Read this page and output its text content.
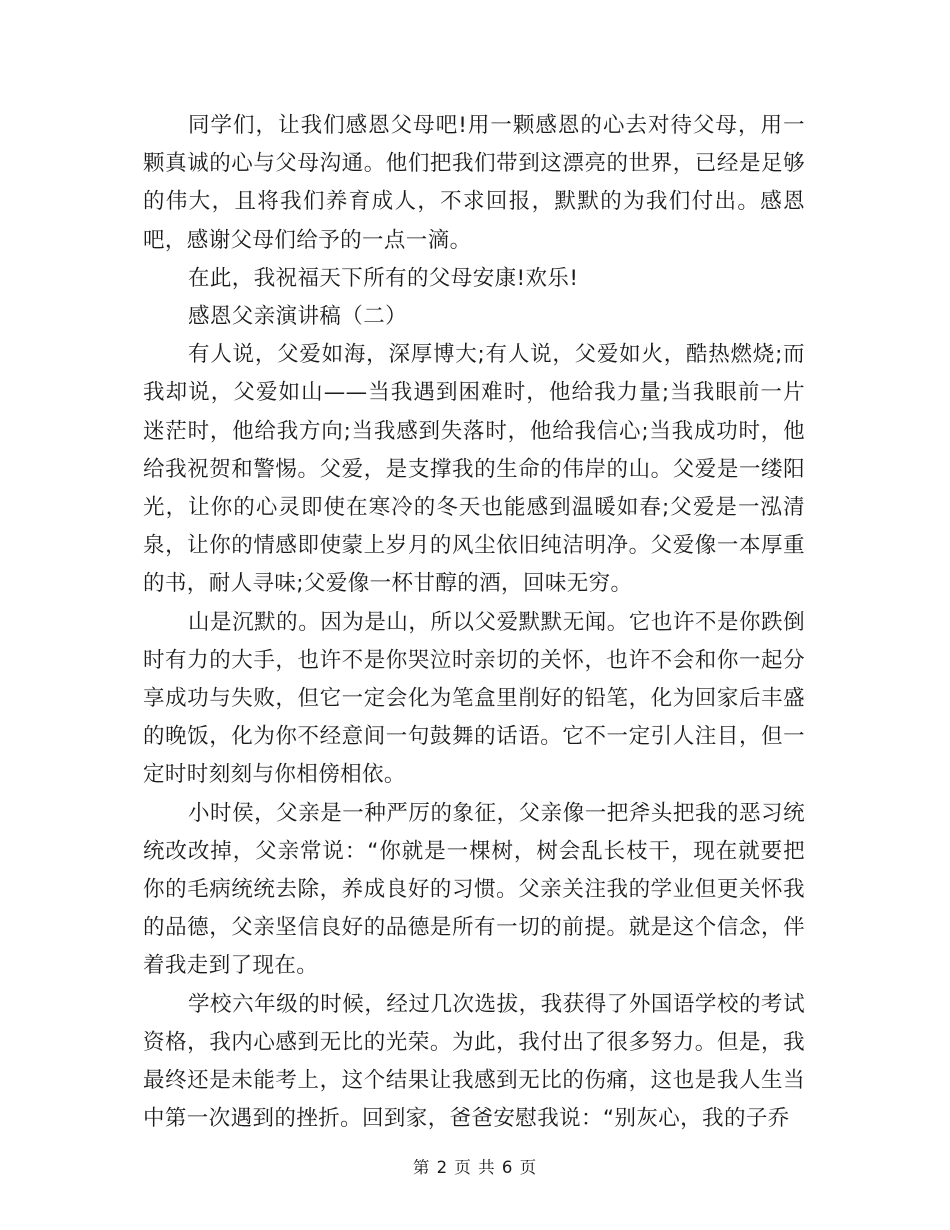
同学们，让我们感恩父母吧!用一颗感恩的心去对待父母，用一颗真诚的心与父母沟通。他们把我们带到这漂亮的世界，已经是足够的伟大，且将我们养育成人，不求回报，默默的为我们付出。感恩吧，感谢父母们给予的一点一滴。

在此，我祝福天下所有的父母安康!欢乐!

感恩父亲演讲稿（二）

有人说，父爱如海，深厚博大;有人说，父爱如火，酷热燃烧;而我却说，父爱如山——当我遇到困难时，他给我力量;当我眼前一片迷茫时，他给我方向;当我感到失落时，他给我信心;当我成功时，他给我祝贺和警惕。父爱，是支撑我的生命的伟岸的山。父爱是一缕阳光，让你的心灵即使在寒冷的冬天也能感到温暖如春;父爱是一泓清泉，让你的情感即使蒙上岁月的风尘依旧纯洁明净。父爱像一本厚重的书，耐人寻味;父爱像一杯甘醇的酒，回味无穷。

山是沉默的。因为是山，所以父爱默默无闻。它也许不是你跌倒时有力的大手，也许不是你哭泣时亲切的关怀，也许不会和你一起分享成功与失败，但它一定会化为笔盒里削好的铅笔，化为回家后丰盛的晚饭，化为你不经意间一句鼓舞的话语。它不一定引人注目，但一定时时刻刻与你相傍相依。

小时侯，父亲是一种严厉的象征，父亲像一把斧头把我的恶习统统改改掉，父亲常说：“你就是一棵树，树会乱长枝干，现在就要把你的毛病统统去除，养成良好的习惯。父亲关注我的学业但更关怀我的品德，父亲坚信良好的品德是所有一切的前提。就是这个信念，伴着我走到了现在。

学校六年级的时候，经过几次选拔，我获得了外国语学校的考试资格，我内心感到无比的光荣。为此，我付出了很多努力。但是，我最终还是未能考上，这个结果让我感到无比的伤痛，这也是我人生当中第一次遇到的挫折。回到家，爸爸安慰我说：“别灰心，我的子乔

第 2 页 共 6 页
